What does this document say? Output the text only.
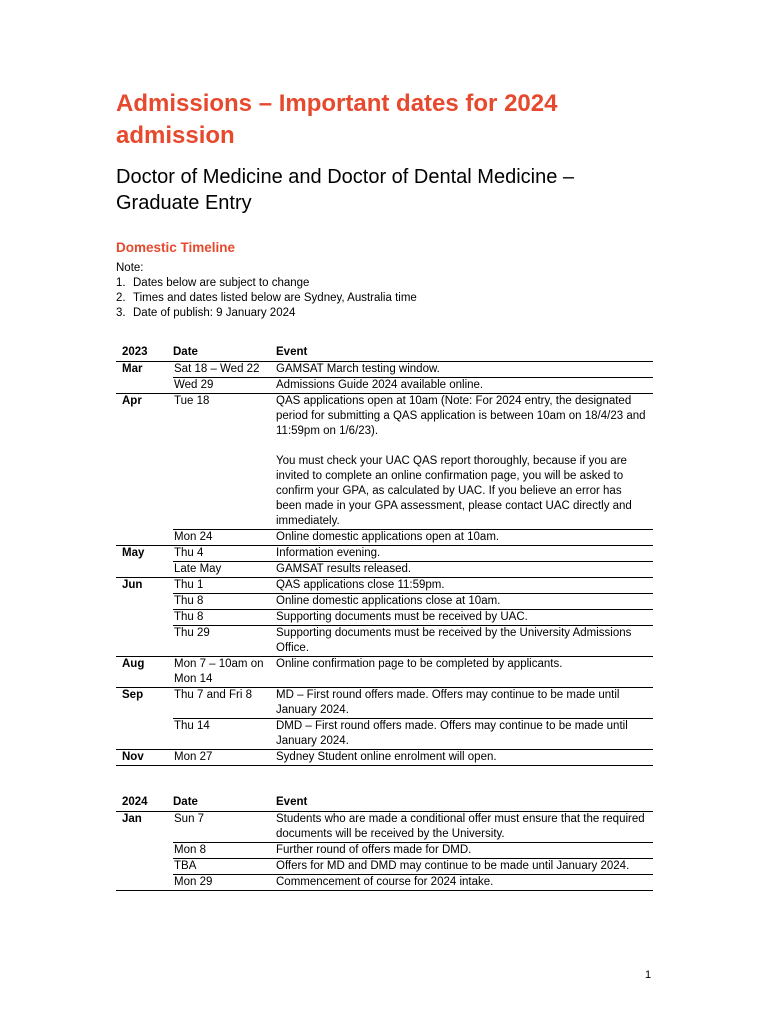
Admissions – Important dates for 2024 admission
Doctor of Medicine and Doctor of Dental Medicine – Graduate Entry
Domestic Timeline
Note:
1. Dates below are subject to change
2. Times and dates listed below are Sydney, Australia time
3. Date of publish: 9 January 2024
2023	Date	Event
Mar	Sat 18 – Wed 22	GAMSAT March testing window.

	Wed 29	Admissions Guide 2024 available online.

Apr	Tue 18	QAS applications open at 10am (Note: For 2024 entry, the designated period for submitting a QAS application is between 10am on 18/4/23 and 11:59pm on 1/6/23).
You must check your UAC QAS report thoroughly, because if you are invited to complete an online confirmation page, you will be asked to confirm your GPA, as calculated by UAC. If you believe an error has been made in your GPA assessment, please contact UAC directly and immediately.

	Mon 24	Online domestic applications open at 10am.

May	Thu 4	Information evening.

	Late May	GAMSAT results released.

Jun	Thu 1	QAS applications close 11:59pm.

	Thu 8	Online domestic applications close at 10am.

	Thu 8	Supporting documents must be received by UAC.

	Thu 29	Supporting documents must be received by the University Admissions Office.

Aug	Mon 7 – 10am on Mon 14	Online confirmation page to be completed by applicants.

Sep	Thu 7 and Fri 8	MD – First round offers made. Offers may continue to be made until January 2024.

	Thu 14	DMD – First round offers made. Offers may continue to be made until January 2024.

Nov	Mon 27	Sydney Student online enrolment will open.
2024	Date	Event
Jan	Sun 7	Students who are made a conditional offer must ensure that the required documents will be received by the University.

	Mon 8	Further round of offers made for DMD.

	TBA	Offers for MD and DMD may continue to be made until January 2024.

	Mon 29	Commencement of course for 2024 intake.
1
